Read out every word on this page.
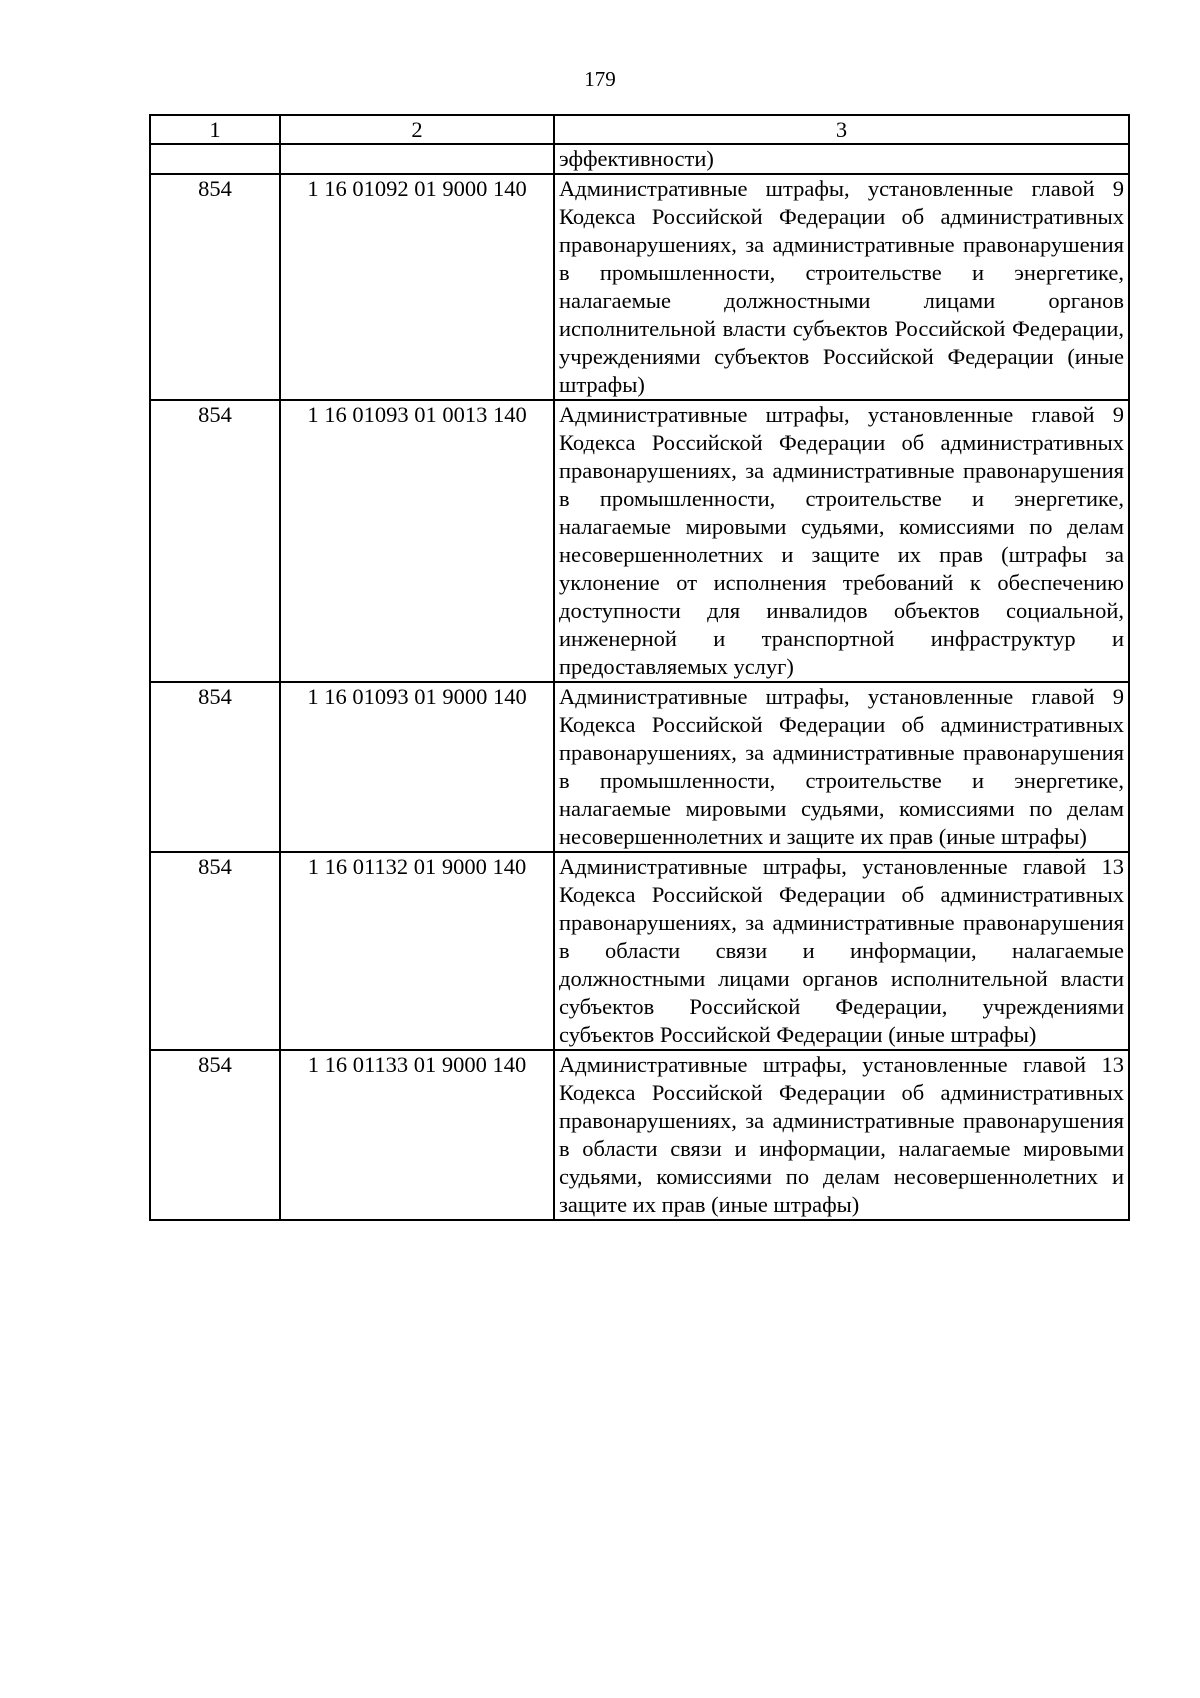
179
1	2	3
		эффективности)
854	1 16 01092 01 9000 140	Административные штрафы, установленные главой 9 Кодекса Российской Федерации об административных правонарушениях, за административные правонарушения в промышленности, строительстве и энергетике, налагаемые должностными лицами органов исполнительной власти субъектов Российской Федерации, учреждениями субъектов Российской Федерации (иные штрафы)
854	1 16 01093 01 0013 140	Административные штрафы, установленные главой 9 Кодекса Российской Федерации об административных правонарушениях, за административные правонарушения в промышленности, строительстве и энергетике, налагаемые мировыми судьями, комиссиями по делам несовершеннолетних и защите их прав (штрафы за уклонение от исполнения требований к обеспечению доступности для инвалидов объектов социальной, инженерной и транспортной инфраструктур и предоставляемых услуг)
854	1 16 01093 01 9000 140	Административные штрафы, установленные главой 9 Кодекса Российской Федерации об административных правонарушениях, за административные правонарушения в промышленности, строительстве и энергетике, налагаемые мировыми судьями, комиссиями по делам несовершеннолетних и защите их прав (иные штрафы)
854	1 16 01132 01 9000 140	Административные штрафы, установленные главой 13 Кодекса Российской Федерации об административных правонарушениях, за административные правонарушения в области связи и информации, налагаемые должностными лицами органов исполнительной власти субъектов Российской Федерации, учреждениями субъектов Российской Федерации (иные штрафы)
854	1 16 01133 01 9000 140	Административные штрафы, установленные главой 13 Кодекса Российской Федерации об административных правонарушениях, за административные правонарушения в области связи и информации, налагаемые мировыми судьями, комиссиями по делам несовершеннолетних и защите их прав (иные штрафы)
